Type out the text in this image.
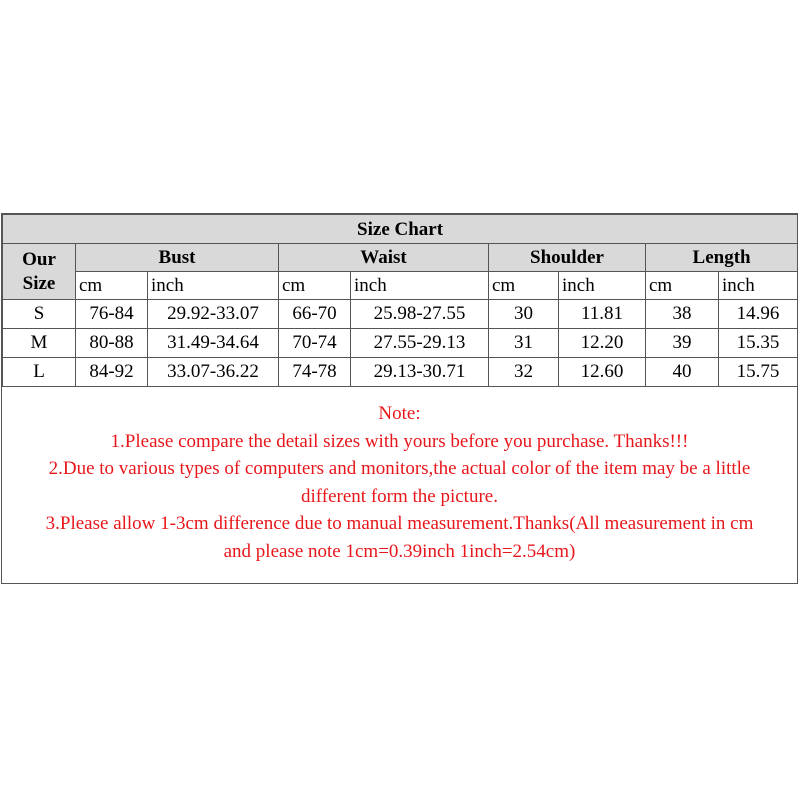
Size Chart								
Our
Size	Bust		Waist		Shoulder		Length	
	cm	inch	cm	inch	cm	inch	cm	inch
S	76-84	29.92-33.07	66-70	25.98-27.55	30	11.81	38	14.96
M	80-88	31.49-34.64	70-74	27.55-29.13	31	12.20	39	15.35
L	84-92	33.07-36.22	74-78	29.13-30.71	32	12.60	40	15.75
Note:
1.Please compare the detail sizes with yours before you purchase. Thanks!!!
2.Due to various types of computers and monitors,the actual color of the item may be a little
different form the picture.
3.Please allow 1-3cm difference due to manual measurement.Thanks(All measurement in cm
and please note 1cm=0.39inch 1inch=2.54cm)
